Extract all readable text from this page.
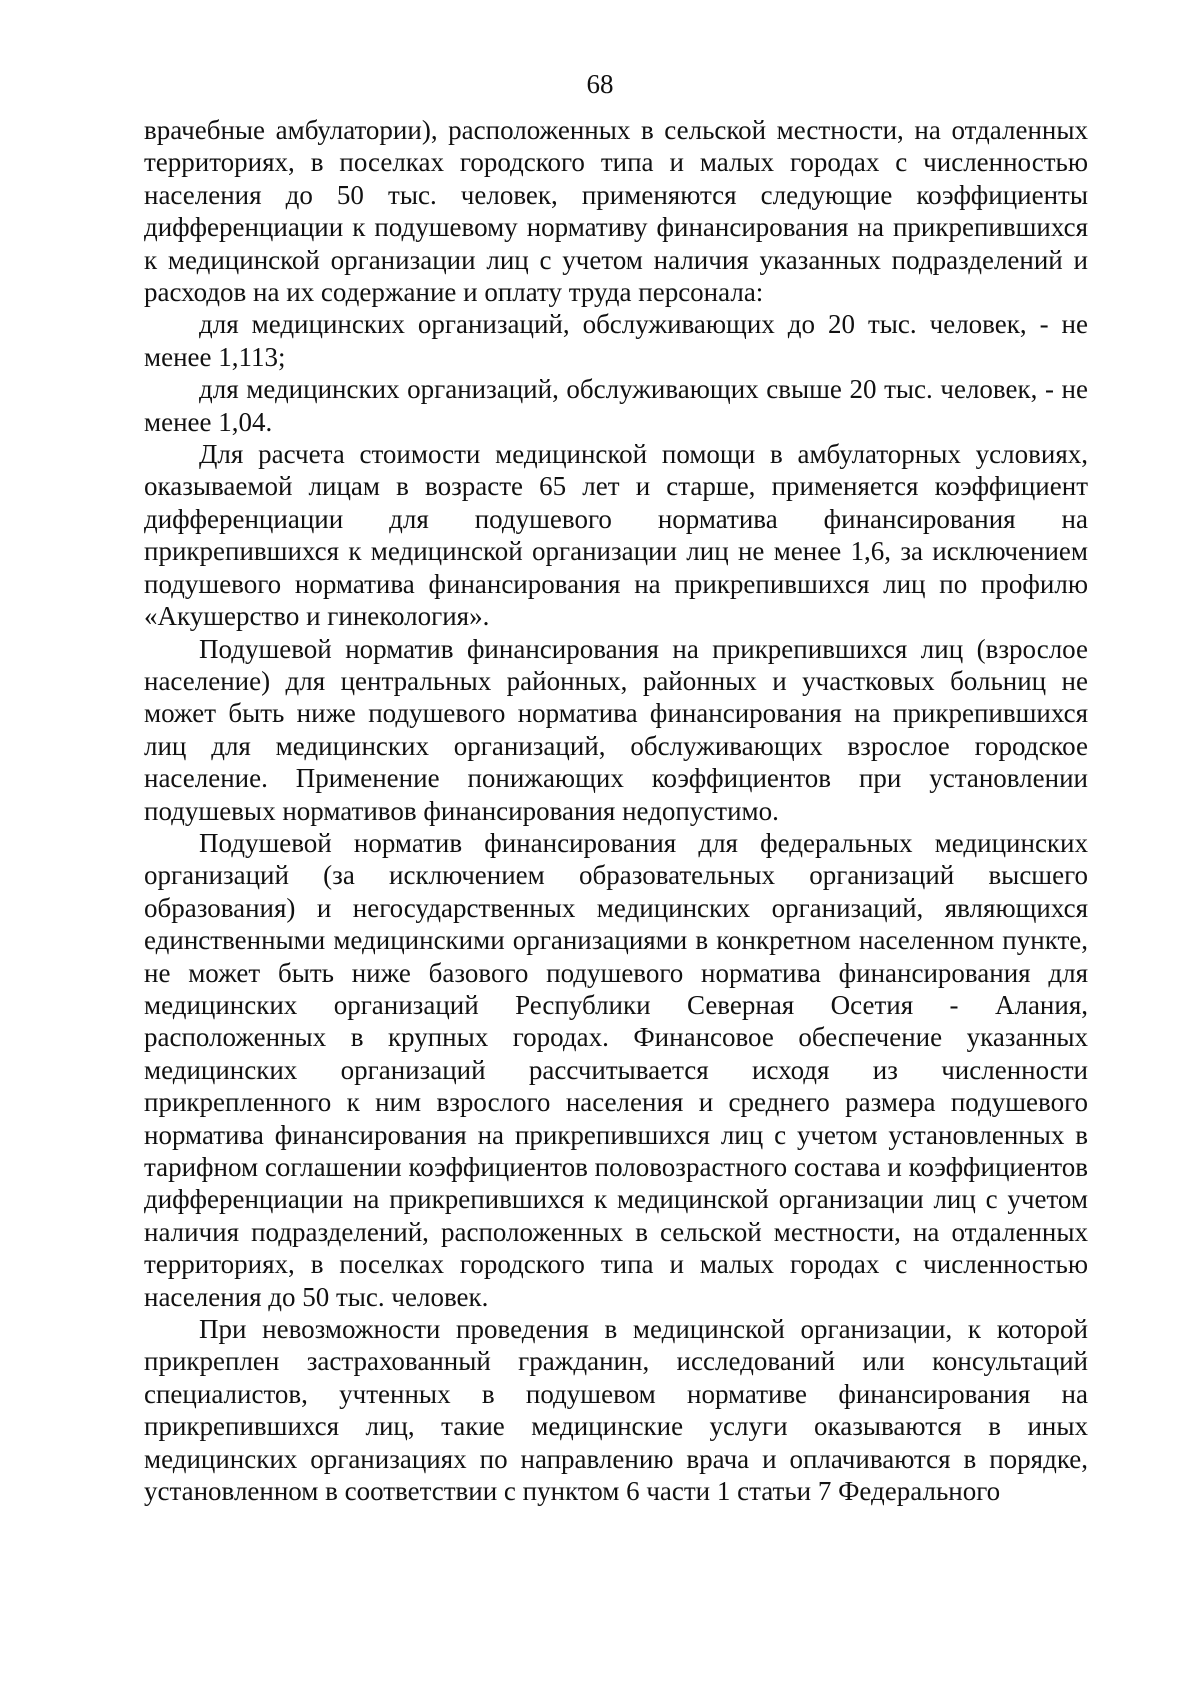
68

врачебные амбулатории), расположенных в сельской местности, на отдаленных территориях, в поселках городского типа и малых городах с численностью населения до 50 тыс. человек, применяются следующие коэффициенты дифференциации к подушевому нормативу финансирования на прикрепившихся к медицинской организации лиц с учетом наличия указанных подразделений и расходов на их содержание и оплату труда персонала:

для медицинских организаций, обслуживающих до 20 тыс. человек, - не менее 1,113;

для медицинских организаций, обслуживающих свыше 20 тыс. человек, - не менее 1,04.

Для расчета стоимости медицинской помощи в амбулаторных условиях, оказываемой лицам в возрасте 65 лет и старше, применяется коэффициент дифференциации для подушевого норматива финансирования на прикрепившихся к медицинской организации лиц не менее 1,6, за исключением подушевого норматива финансирования на прикрепившихся лиц по профилю «Акушерство и гинекология».

Подушевой норматив финансирования на прикрепившихся лиц (взрослое население) для центральных районных, районных и участковых больниц не может быть ниже подушевого норматива финансирования на прикрепившихся лиц для медицинских организаций, обслуживающих взрослое городское население. Применение понижающих коэффициентов при установлении подушевых нормативов финансирования недопустимо.

Подушевой норматив финансирования для федеральных медицинских организаций (за исключением образовательных организаций высшего образования) и негосударственных медицинских организаций, являющихся единственными медицинскими организациями в конкретном населенном пункте, не может быть ниже базового подушевого норматива финансирования для медицинских организаций Республики Северная Осетия - Алания, расположенных в крупных городах. Финансовое обеспечение указанных медицинских организаций рассчитывается исходя из численности прикрепленного к ним взрослого населения и среднего размера подушевого норматива финансирования на прикрепившихся лиц с учетом установленных в тарифном соглашении коэффициентов половозрастного состава и коэффициентов дифференциации на прикрепившихся к медицинской организации лиц с учетом наличия подразделений, расположенных в сельской местности, на отдаленных территориях, в поселках городского типа и малых городах с численностью населения до 50 тыс. человек.

При невозможности проведения в медицинской организации, к которой прикреплен застрахованный гражданин, исследований или консультаций специалистов, учтенных в подушевом нормативе финансирования на прикрепившихся лиц, такие медицинские услуги оказываются в иных медицинских организациях по направлению врача и оплачиваются в порядке, установленном в соответствии с пунктом 6 части 1 статьи 7 Федерального
